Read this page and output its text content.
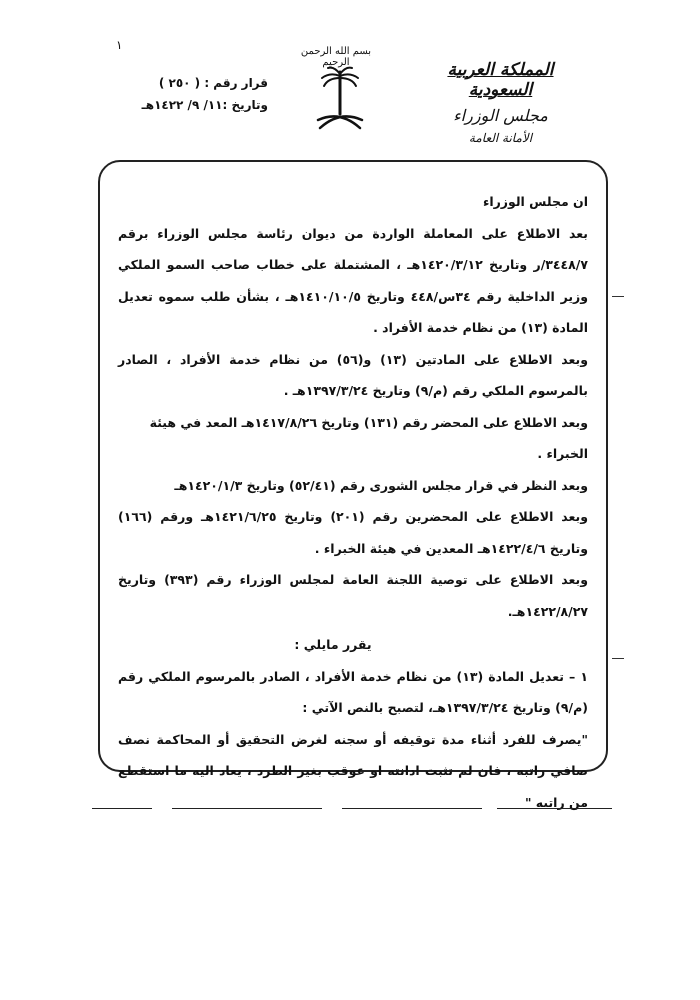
١	بسم الله الرحمن الرحيم
قرار رقم : ( ٢٥٠ )
وتاريخ :١١/ ٩/ ١٤٢٢هـ
المملكة العربية السعودية
مجلس الوزراء
الأمانة العامة

ان مجلس الوزراء

بعد الاطلاع على المعاملة الواردة من ديوان رئاسة مجلس الوزراء برقم ٣٤٤٨/٧/ر وتاريخ ١٤٢٠/٣/١٢هـ ، المشتملة على خطاب صاحب السمو الملكي وزير الداخلية رقم ٣٤س/٤٤٨ وتاريخ ١٤١٠/١٠/٥هـ ، بشأن طلب سموه تعديل المادة (١٣) من نظام خدمة الأفراد .

وبعد الاطلاع على المادتين (١٣) و(٥٦) من نظام خدمة الأفراد ، الصادر بالمرسوم الملكي رقم (م/٩) وتاريخ ١٣٩٧/٣/٢٤هـ .

وبعد الاطلاع على المحضر رقم (١٣١) وتاريخ ١٤١٧/٨/٢٦هـ المعد في هيئة الخبراء .

وبعد النظر في قرار مجلس الشورى رقم (٥٢/٤١) وتاريخ ١٤٢٠/١/٣هـ

وبعد الاطلاع على المحضرين رقم (٢٠١) وتاريخ ١٤٢١/٦/٢٥هـ ورقم (١٦٦) وتاريخ ١٤٢٢/٤/٦هـ المعدين في هيئة الخبراء .

وبعد الاطلاع على توصية اللجنة العامة لمجلس الوزراء رقم (٣٩٣) وتاريخ ١٤٢٢/٨/٢٧هـ.

يقرر مايلي :

١ – تعديل المادة (١٣) من نظام خدمة الأفراد ، الصادر بالمرسوم الملكي رقم (م/٩) وتاريخ ١٣٩٧/٣/٢٤هـ، لتصبح بالنص الآتي :

"يصرف للفرد أثناء مدة توقيفه أو سجنه لغرض التحقيق أو المحاكمة نصف صافي راتبه ، فان لم تثبت ادانته او عوقب بغير الطرد ، يعاد اليه ما استقطع من راتبه "
